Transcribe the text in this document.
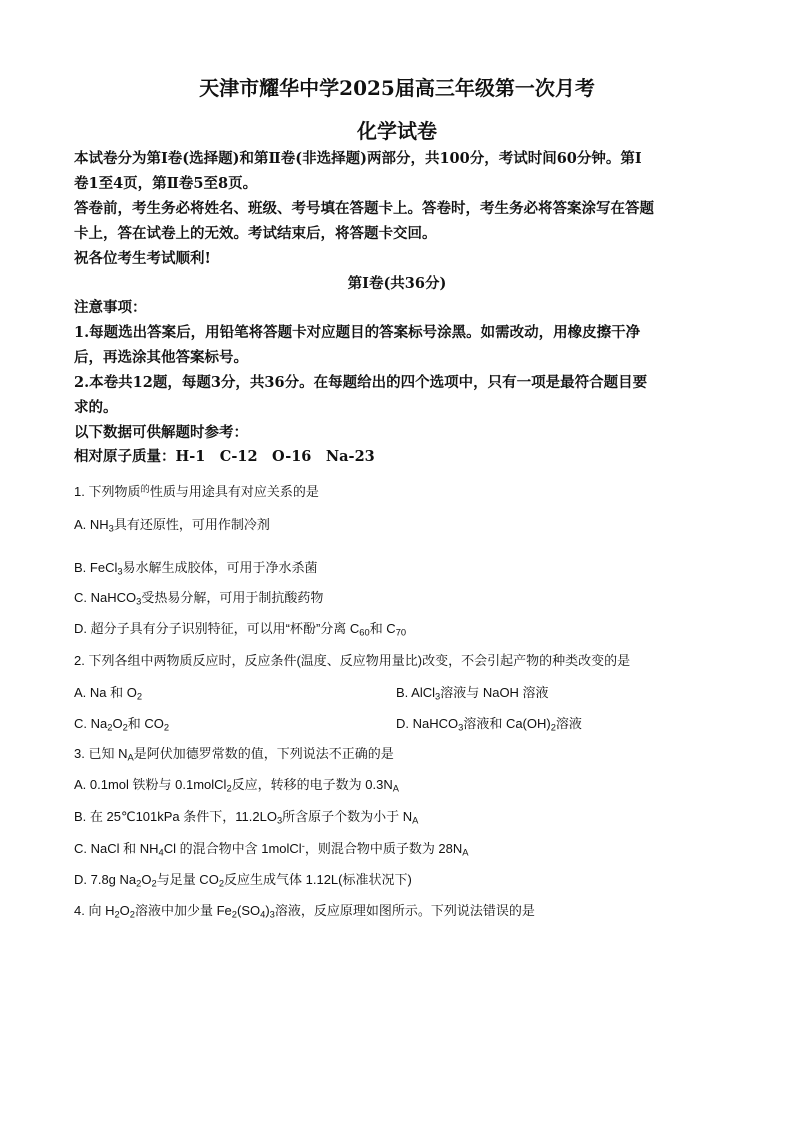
天津市耀华中学2025届高三年级第一次月考
化学试卷
本试卷分为第Ⅰ卷(选择题)和第Ⅱ卷(非选择题)两部分，共100分，考试时间60分钟。第Ⅰ
卷1至4页，第Ⅱ卷5至8页。
答卷前，考生务必将姓名、班级、考号填在答题卡上。答卷时，考生务必将答案涂写在答题
卡上，答在试卷上的无效。考试结束后，将答题卡交回。
祝各位考生考试顺利!
第Ⅰ卷(共36分)
注意事项：
1.每题选出答案后，用铅笔将答题卡对应题目的答案标号涂黑。如需改动，用橡皮擦干净
后，再选涂其他答案标号。
2.本卷共12题，每题3分，共36分。在每题给出的四个选项中，只有一项是最符合题目要
求的。
以下数据可供解题时参考：
相对原子质量：H-1　C-12　O-16　Na-23
1. 下列物质$^的$性质与用途具有对应关系的是
A. $NH_3$具有还原性，可用作制冷剂
B. FeCl$_3$易水解生成胶体，可用于净水杀菌
C. NaHCO$_3$受热易分解，可用于制抗酸药物
D. 超分子具有分子识别特征，可以用“杯酚”分离 $C_{60}$和 $C_{70}$
2. 下列各组中两物质反应时，反应条件(温度、反应物用量比)改变，不会引起产物的种类改变的是
A. Na 和 $O_2$	B. AlCl$_3$溶液与 NaOH 溶液
C. $Na_2O_2$和 $CO_2$	D. NaHCO$_3$溶液和 $Ca(OH)_2$溶液
3. 已知 $N_A$是阿伏加德罗常数的值，下列说法不正确的是
A. 0.1mol 铁粉与 0.1molCl$_2$反应，转移的电子数为 $0.3N_A$
B. 在 25℃101kPa 条件下，$11.2LO_3$所含原子个数为小于 $N_A$
C. NaCl 和 $NH_4Cl$ 的混合物中含 1molCl-，则混合物中质子数为 $28N_A$
D. 7.8g $Na_2O_2$与足量 $CO_2$反应生成气体 1.12L(标准状况下)
4. 向 $H_2O_2$溶液中加少量 $Fe_2(SO_4)_3$溶液，反应原理如图所示。下列说法错误的是
